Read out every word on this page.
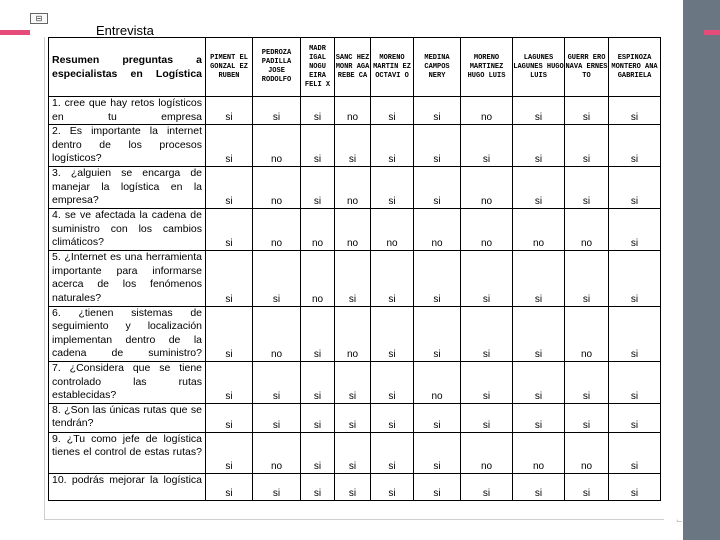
⊟
⌙
Entrevista
Resumen preguntas a especialistas en Logística	PIMENT EL GONZAL EZ RUBEN	PEDROZA PADILLA JOSE RODOLFO	MADR IGAL NOGU EIRA FELI X	SANC HEZ MONR AGA REBE CA	MORENO MARTIN EZ OCTAVI O	MEDINA CAMPOS NERY	MORENO MARTINEZ HUGO LUIS	LAGUNES LAGUNES HUGO LUIS	GUERR ERO NAVA ERNES TO	ESPINOZA MONTERO ANA GABRIELA
1. cree que hay retos logísticos en tu empresa	si	si	si	no	si	si	no	si	si	si
2. Es importante la internet dentro de los procesos logísticos?	si	no	si	si	si	si	si	si	si	si
3. ¿alguien se encarga de manejar la logística en la empresa?	si	no	si	no	si	si	no	si	si	si
4. se ve afectada la cadena de suministro con los cambios climáticos?	si	no	no	no	no	no	no	no	no	si
5. ¿Internet es una herramienta importante para informarse acerca de los fenómenos naturales?	si	si	no	si	si	si	si	si	si	si
6. ¿tienen sistemas de seguimiento y localización implementan dentro de la cadena de suministro?	si	no	si	no	si	si	si	si	no	si
7. ¿Considera que se tiene controlado las rutas establecidas?	si	si	si	si	si	no	si	si	si	si
8. ¿Son las únicas rutas que se tendrán?	si	si	si	si	si	si	si	si	si	si
9. ¿Tu como jefe de logística tienes el control de estas rutas?	si	no	si	si	si	si	no	no	no	si
10. podrás mejorar la logística	si	si	si	si	si	si	si	si	si	si
